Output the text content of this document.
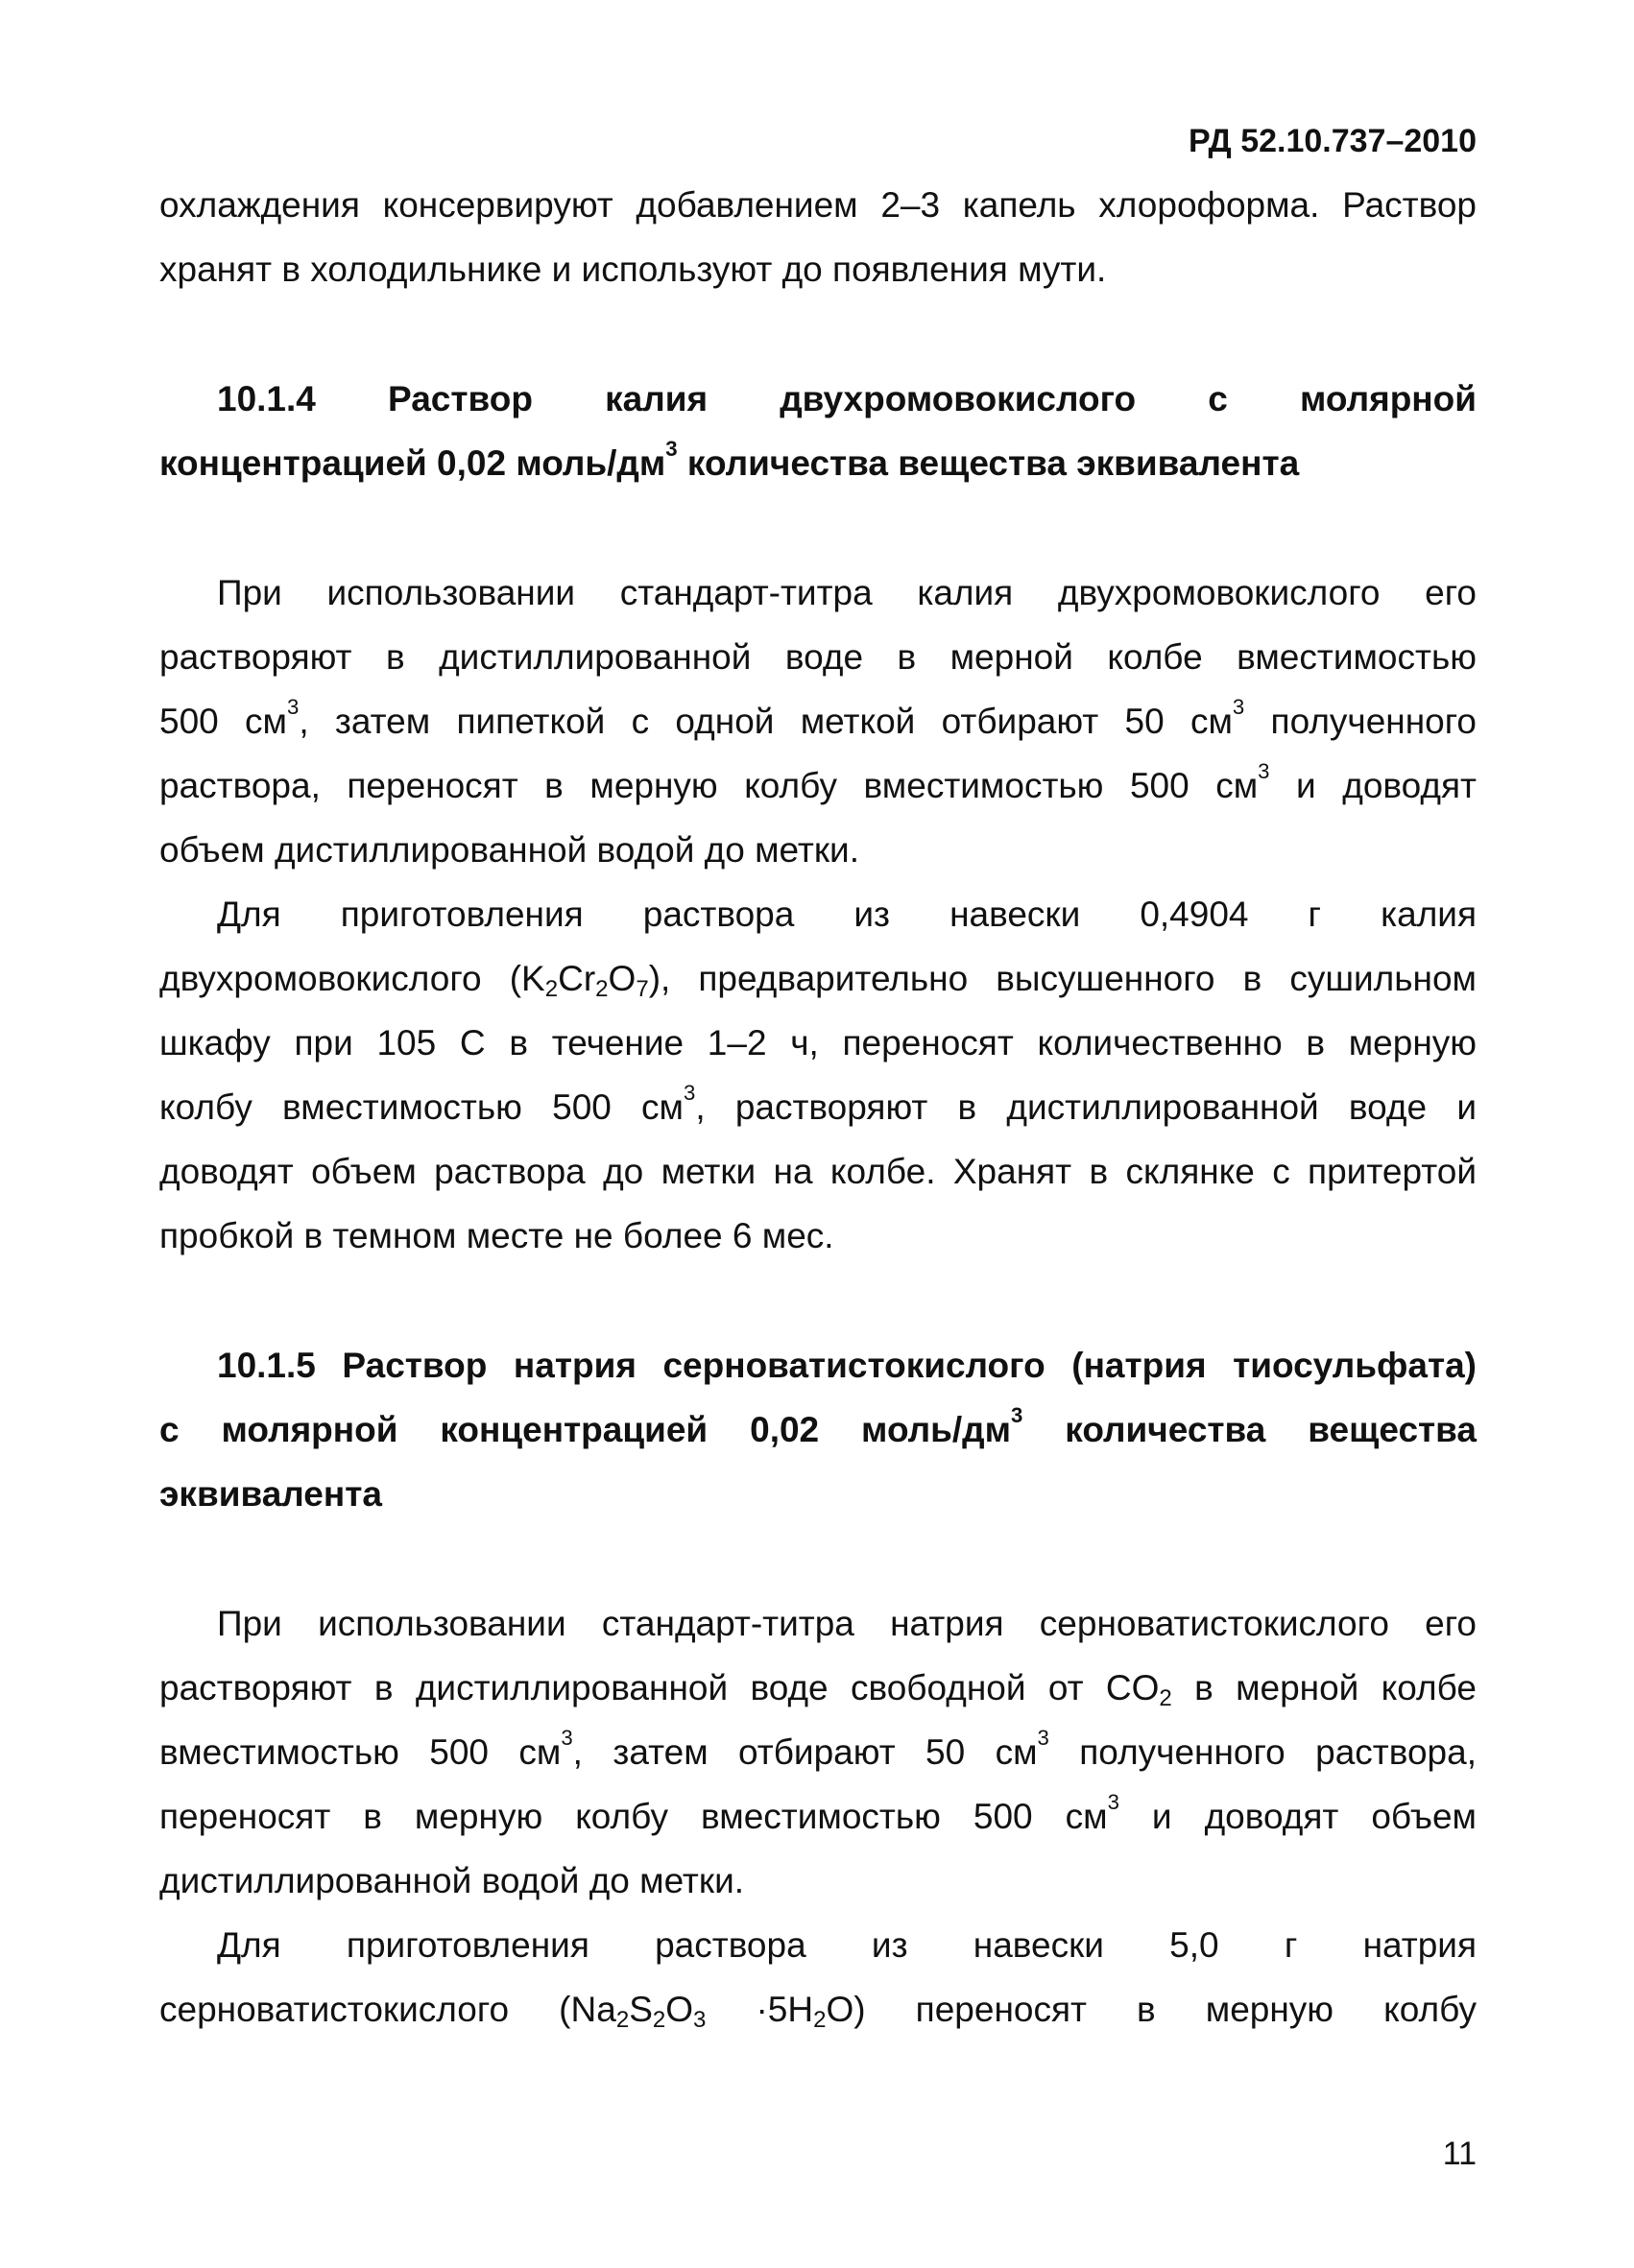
РД 52.10.737–2010

охлаждения консервируют добавлением 2–3 капель хлороформа. Раствор

хранят в холодильнике и используют до появления мути.

10.1.4 Раствор калия двухромовокислого с молярной

концентрацией 0,02 моль/$дм^3$ количества вещества эквивалента

При использовании стандарт-титра калия двухромовокислого его

растворяют в дистиллированной воде в мерной колбе вместимостью

500 $см^3$, затем пипеткой с одной меткой отбирают 50 $см^3$ полученного

раствора, переносят в мерную колбу вместимостью 500 $см^3$ и доводят

объем дистиллированной водой до метки.

Для приготовления раствора из навески 0,4904 г калия

двухромовокислого $(K_2Cr_2O_7)$, предварительно высушенного в сушильном

шкафу при 105 С в течение 1–2 ч, переносят количественно в мерную

колбу вместимостью 500 $см^3$, растворяют в дистиллированной воде и

доводят объем раствора до метки на колбе. Хранят в склянке с притертой

пробкой в темном месте не более 6 мес.

10.1.5 Раствор натрия серноватистокислого (натрия тиосульфата)

с молярной концентрацией 0,02 моль/$дм^3$ количества вещества

эквивалента

При использовании стандарт-титра натрия серноватистокислого его

растворяют в дистиллированной воде свободной от $CO_2$ в мерной колбе

вместимостью 500 $см^3$, затем отбирают 50 $см^3$ полученного раствора,

переносят в мерную колбу вместимостью 500 $см^3$ и доводят объем

дистиллированной водой до метки.

Для приготовления раствора из навески 5,0 г натрия

серноватистокислого $(Na_2S_2O_3 \cdot 5H_2O)$ переносят в мерную колбу

11
